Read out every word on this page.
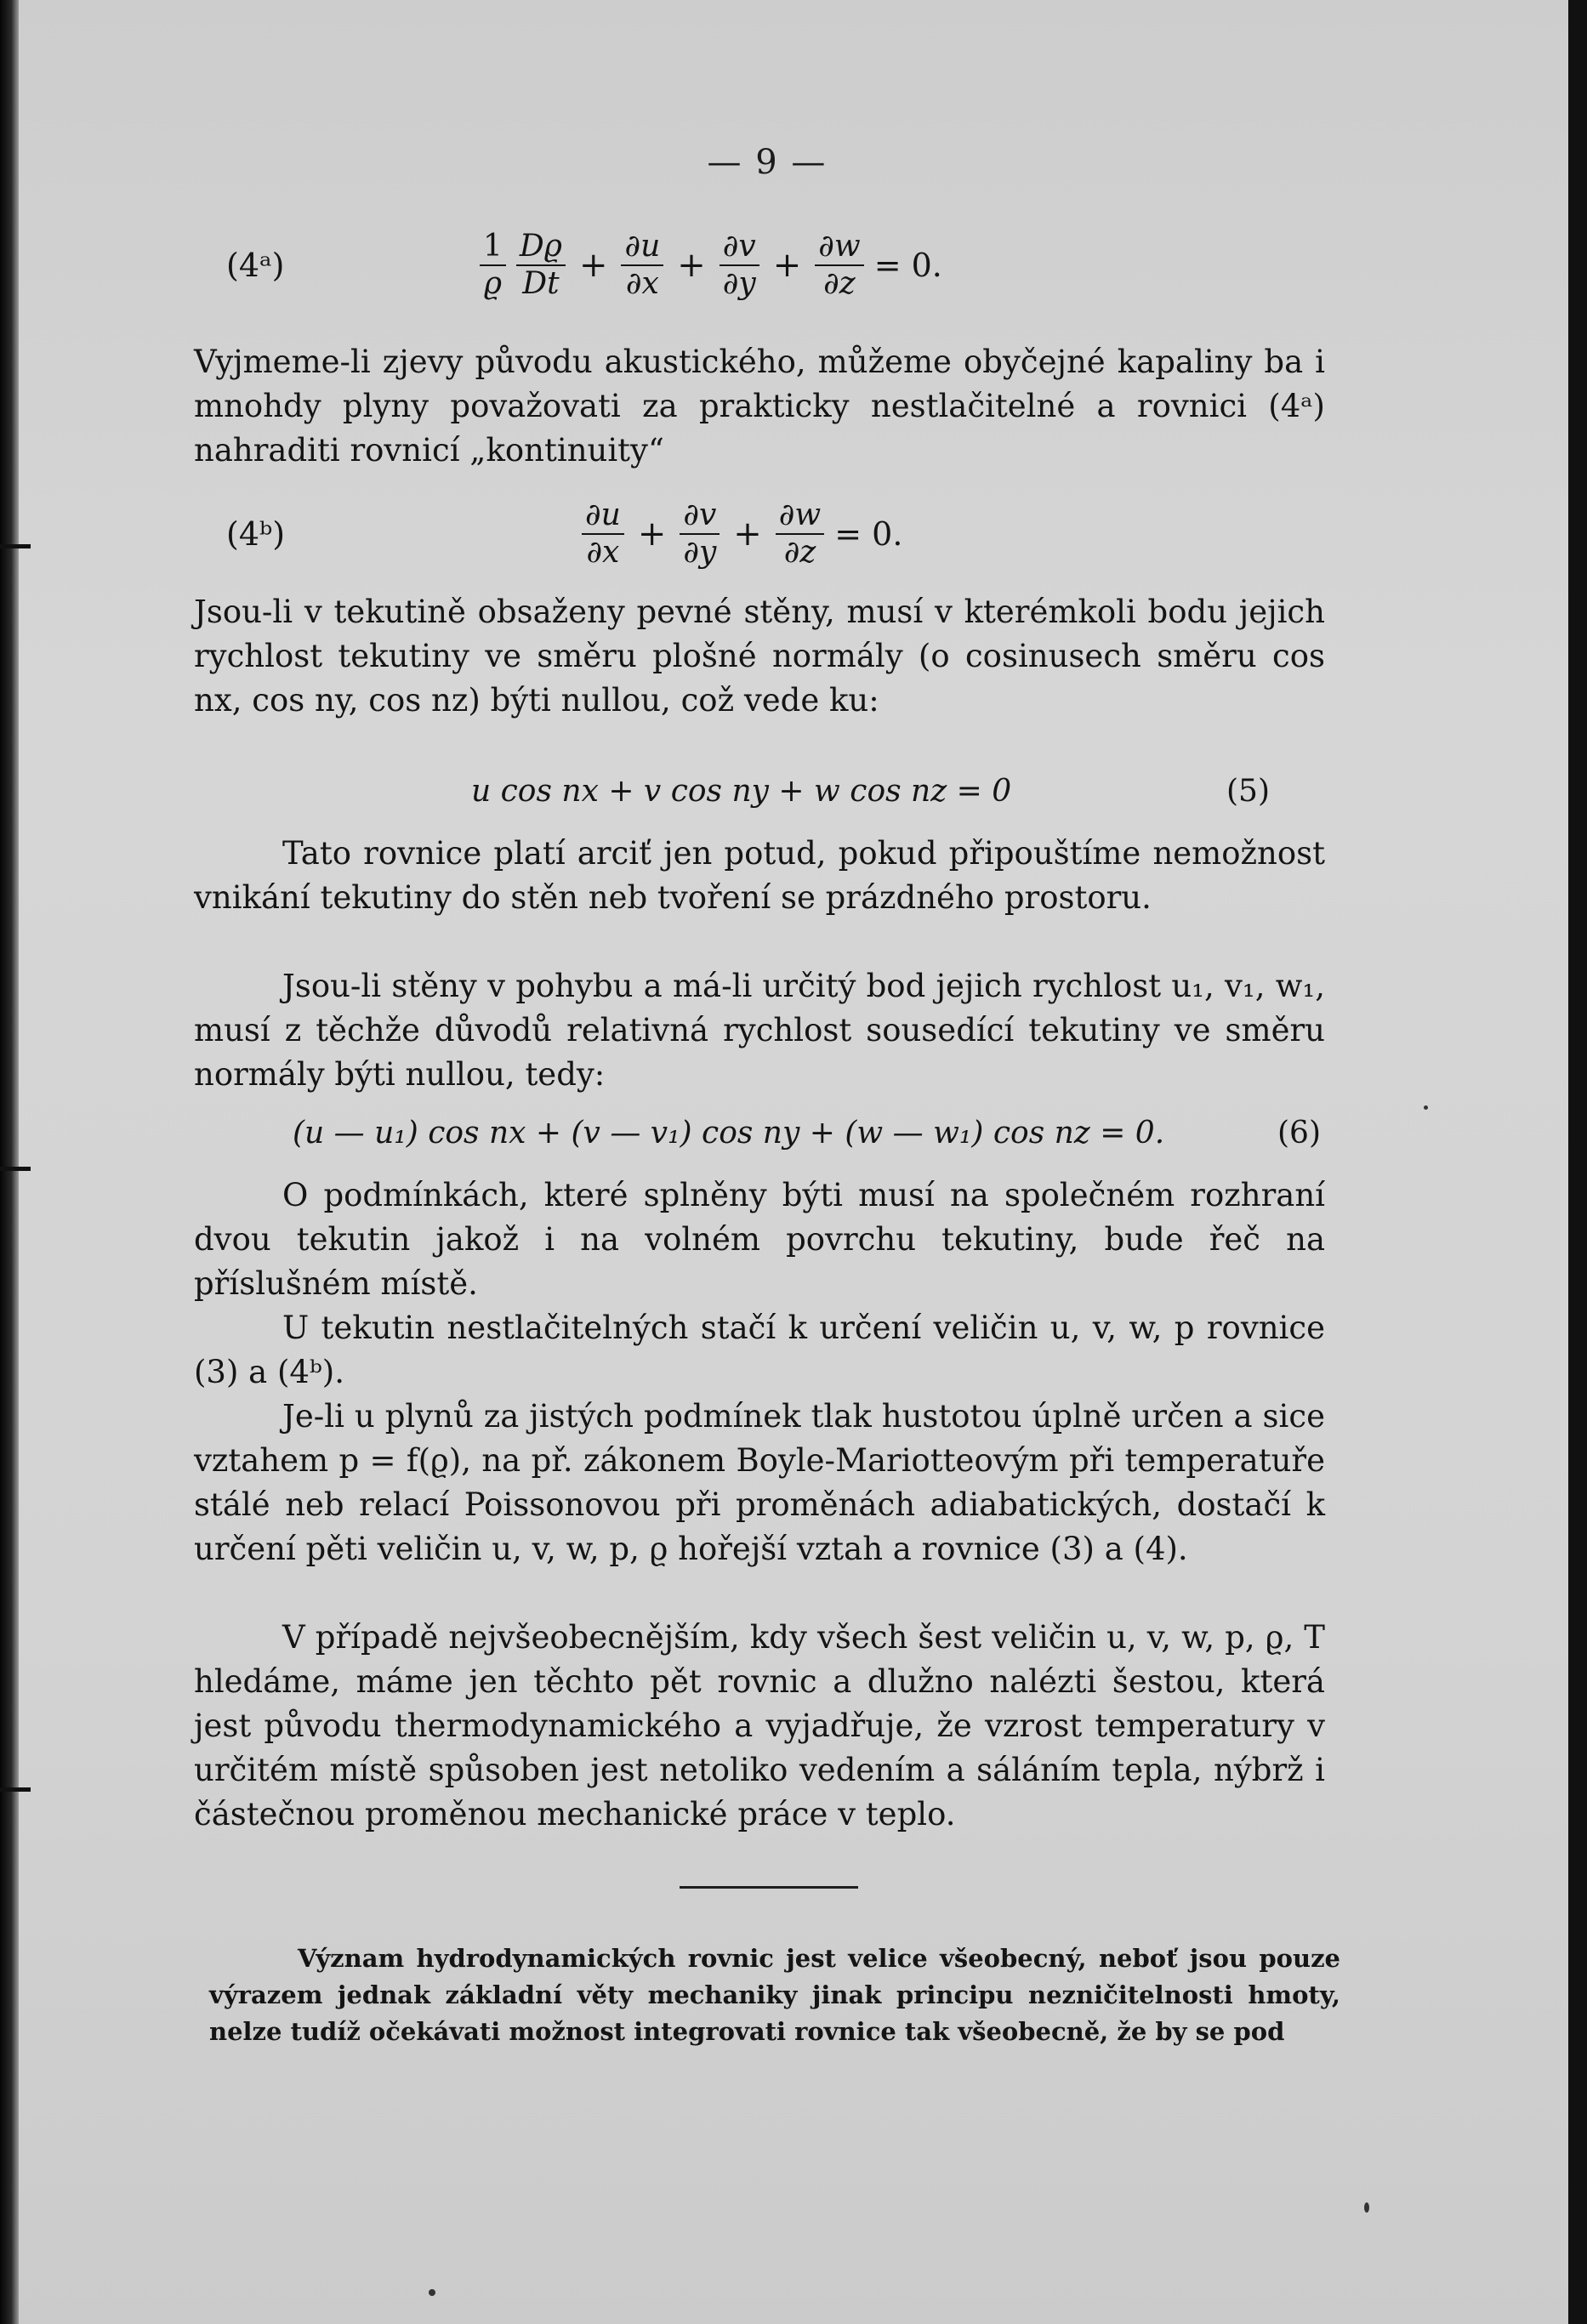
— 9 —
(4ᵃ)	$\frac{1}{ϱ} \frac{Dϱ}{Dt} + \frac{\partial u}{\partial x} + \frac{\partial v}{\partial y} + \frac{\partial w}{\partial z} = 0$.
Vyjmeme-li zjevy původu akustického, můžeme obyčejné kapaliny ba i mnohdy plyny považovati za prakticky nestlačitelné a rovnici (4ᵃ) nahraditi rovnicí „kontinuity“
(4ᵇ)	$\frac{\partial u}{\partial x} + \frac{\partial v}{\partial y} + \frac{\partial w}{\partial z} = 0$.
Jsou-li v tekutině obsaženy pevné stěny, musí v kterémkoli bodu jejich rychlost tekutiny ve směru plošné normály (o cosinusech směru cos nx, cos ny, cos nz) býti nullou, což vede ku:
u cos nx + v cos ny + w cos nz = 0	(5)
Tato rovnice platí arciť jen potud, pokud připouštíme nemožnost vnikání tekutiny do stěn neb tvoření se prázdného prostoru.
Jsou-li stěny v pohybu a má-li určitý bod jejich rychlost u₁, v₁, w₁, musí z těchže důvodů relativná rychlost sousedící tekutiny ve směru normály býti nullou, tedy:
(u — u₁) cos nx + (v — v₁) cos ny + (w — w₁) cos nz = 0.	(6)
O podmínkách, které splněny býti musí na společném rozhraní dvou tekutin jakož i na volném povrchu tekutiny, bude řeč na příslušném místě.
U tekutin nestlačitelných stačí k určení veličin u, v, w, p rovnice (3) a (4ᵇ).
Je-li u plynů za jistých podmínek tlak hustotou úplně určen a sice vztahem p = f(ϱ), na př. zákonem Boyle-Mariotteovým při temperatuře stálé neb relací Poissonovou při proměnách adiabatických, dostačí k určení pěti veličin u, v, w, p, ϱ hořejší vztah a rovnice (3) a (4).
V případě nejvšeobecnějším, kdy všech šest veličin u, v, w, p, ϱ, T hledáme, máme jen těchto pět rovnic a dlužno nalézti šestou, která jest původu thermodynamického a vyjadřuje, že vzrost temperatury v určitém místě spůsoben jest netoliko vedením a sáláním tepla, nýbrž i částečnou proměnou mechanické práce v teplo.
Význam hydrodynamických rovnic jest velice všeobecný, neboť jsou pouze výrazem jednak základní věty mechaniky jinak principu nezničitelnosti hmoty, nelze tudíž očekávati možnost integrovati rovnice tak všeobecně, že by se pod
